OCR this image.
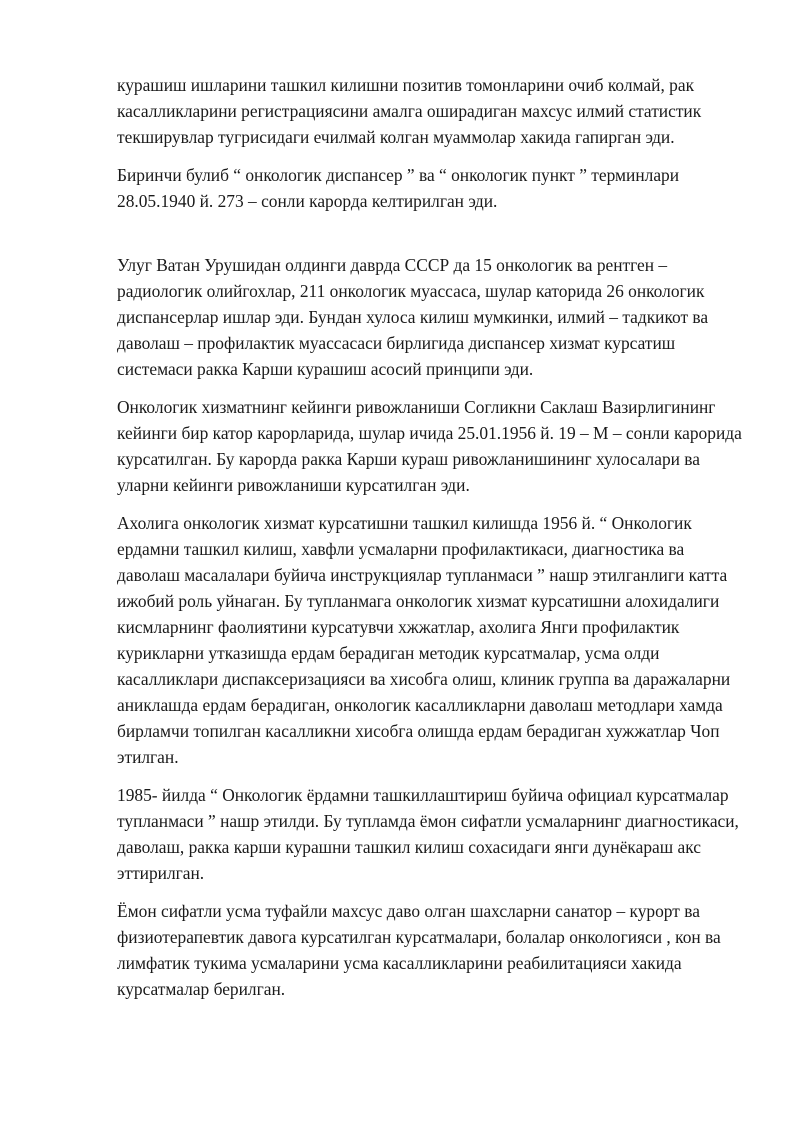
курашиш ишларини ташкил килишни позитив томонларини очиб колмай, рак касалликларини регистрациясини амалга оширадиган махсус илмий статистик текширувлар тугрисидаги ечилмай колган муаммолар хакида гапирган эди.

Биринчи булиб “ онкологик диспансер ” ва “ онкологик пункт ” терминлари 28.05.1940 й. 273 – сонли карорда келтирилган эди.

Улуг Ватан Урушидан олдинги даврда СССР да 15 онкологик ва рентген – радиологик олийгохлар, 211 онкологик муассаса, шулар каторида 26 онкологик диспансерлар ишлар эди. Бундан хулоса килиш мумкинки, илмий – тадкикот ва даволаш – профилактик муассасаси бирлигида диспансер хизмат курсатиш системаси ракка Карши курашиш асосий принципи эди.

Онкологик хизматнинг кейинги ривожланиши Согликни Саклаш Вазирлигининг кейинги бир катор карорларида, шулар ичида 25.01.1956 й. 19 – М – сонли карорида курсатилган. Бу карорда ракка Карши кураш ривожланишининг хулосалари ва уларни кейинги ривожланиши курсатилган эди.

Ахолига онкологик хизмат курсатишни ташкил килишда 1956 й. “ Онкологик ердамни ташкил килиш, хавфли усмаларни профилактикаси, диагностика ва даволаш масалалари буйича инструкциялар тупланмаси ” нашр этилганлиги катта ижобий роль уйнаган. Бу тупланмага онкологик хизмат курсатишни алохидалиги кисмларнинг фаолиятини курсатувчи хжжатлар, ахолига Янги профилактик курикларни утказишда ердам берадиган методик курсатмалар, усма олди касалликлари диспаксеризацияси ва хисобга олиш, клиник группа ва даражаларни аниклашда ердам берадиган, онкологик касалликларни даволаш методлари хамда бирламчи топилган касалликни хисобга олишда ердам берадиган хужжатлар Чоп этилган.

1985- йилда “ Онкологик ёрдамни ташкиллаштириш буйича официал курсатмалар тупланмаси ” нашр этилди. Бу тупламда ёмон сифатли усмаларнинг диагностикаси, даволаш, ракка карши курашни ташкил килиш сохасидаги янги дунёкараш акс эттирилган.

Ёмон сифатли усма туфайли махсус даво олган шахсларни санатор – курорт ва физиотерапевтик давога курсатилган курсатмалари, болалар онкологияси , кон ва лимфатик тукима усмаларини усма касалликларини реабилитацияси хакида курсатмалар берилган.
